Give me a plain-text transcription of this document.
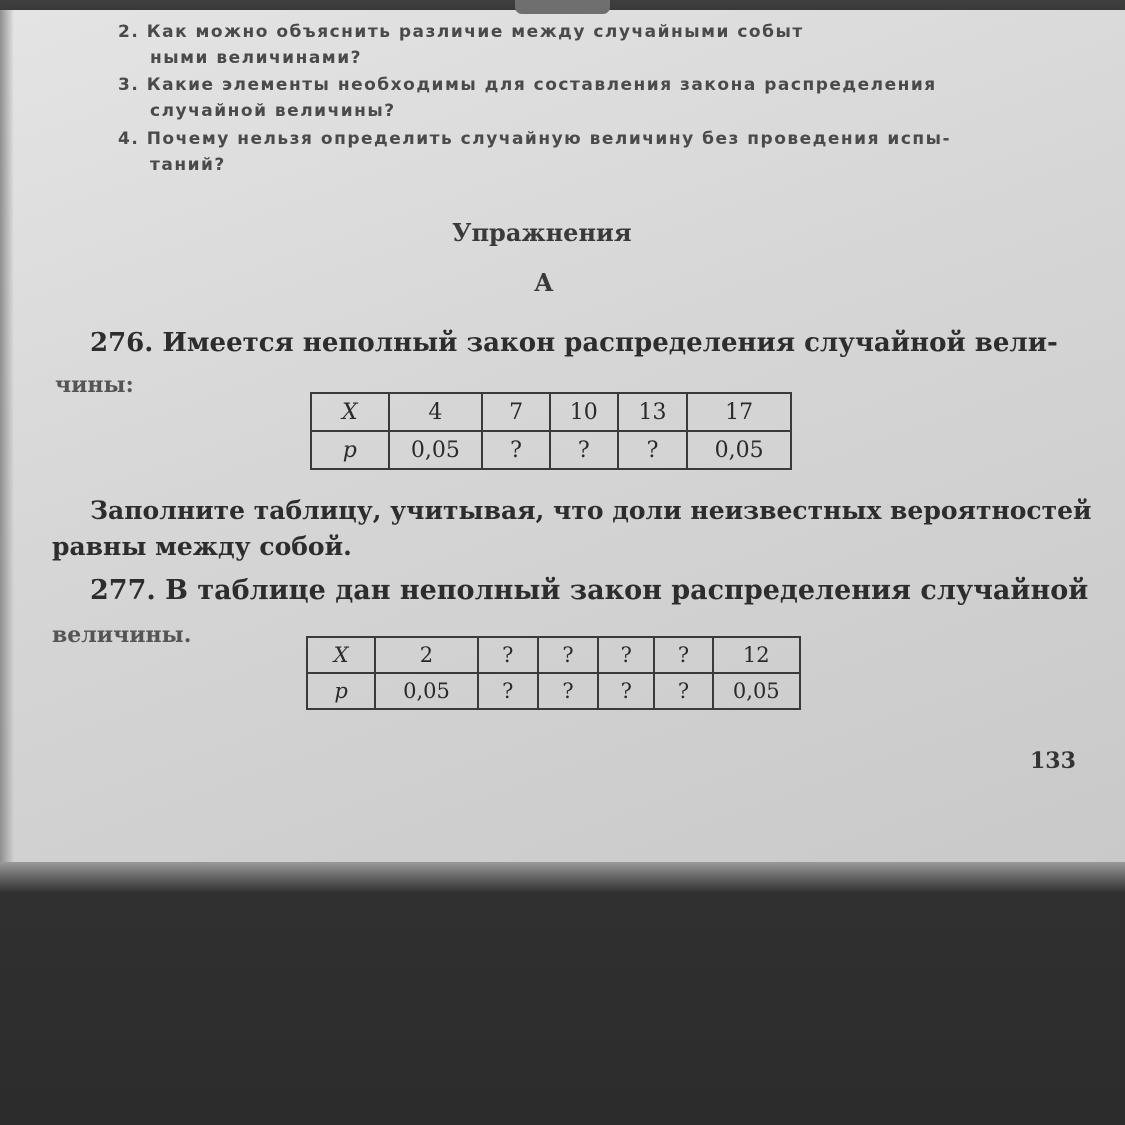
2. Как можно объяснить различие между случайными событ
ными величинами?
3. Какие элементы необходимы для составления закона распределения
случайной величины?
4. Почему нельзя определить случайную величину без проведения испы-
таний?
Упражнения
А
276. Имеется неполный закон распределения случайной вели-
чины:
X	4	7	10	13	17
p	0,05	?	?	?	0,05
Заполните таблицу, учитывая, что доли неизвестных вероятностей
равны между собой.
277. В таблице дан неполный закон распределения случайной
величины.
X	2	?	?	?	?	12
p	0,05	?	?	?	?	0,05
133
